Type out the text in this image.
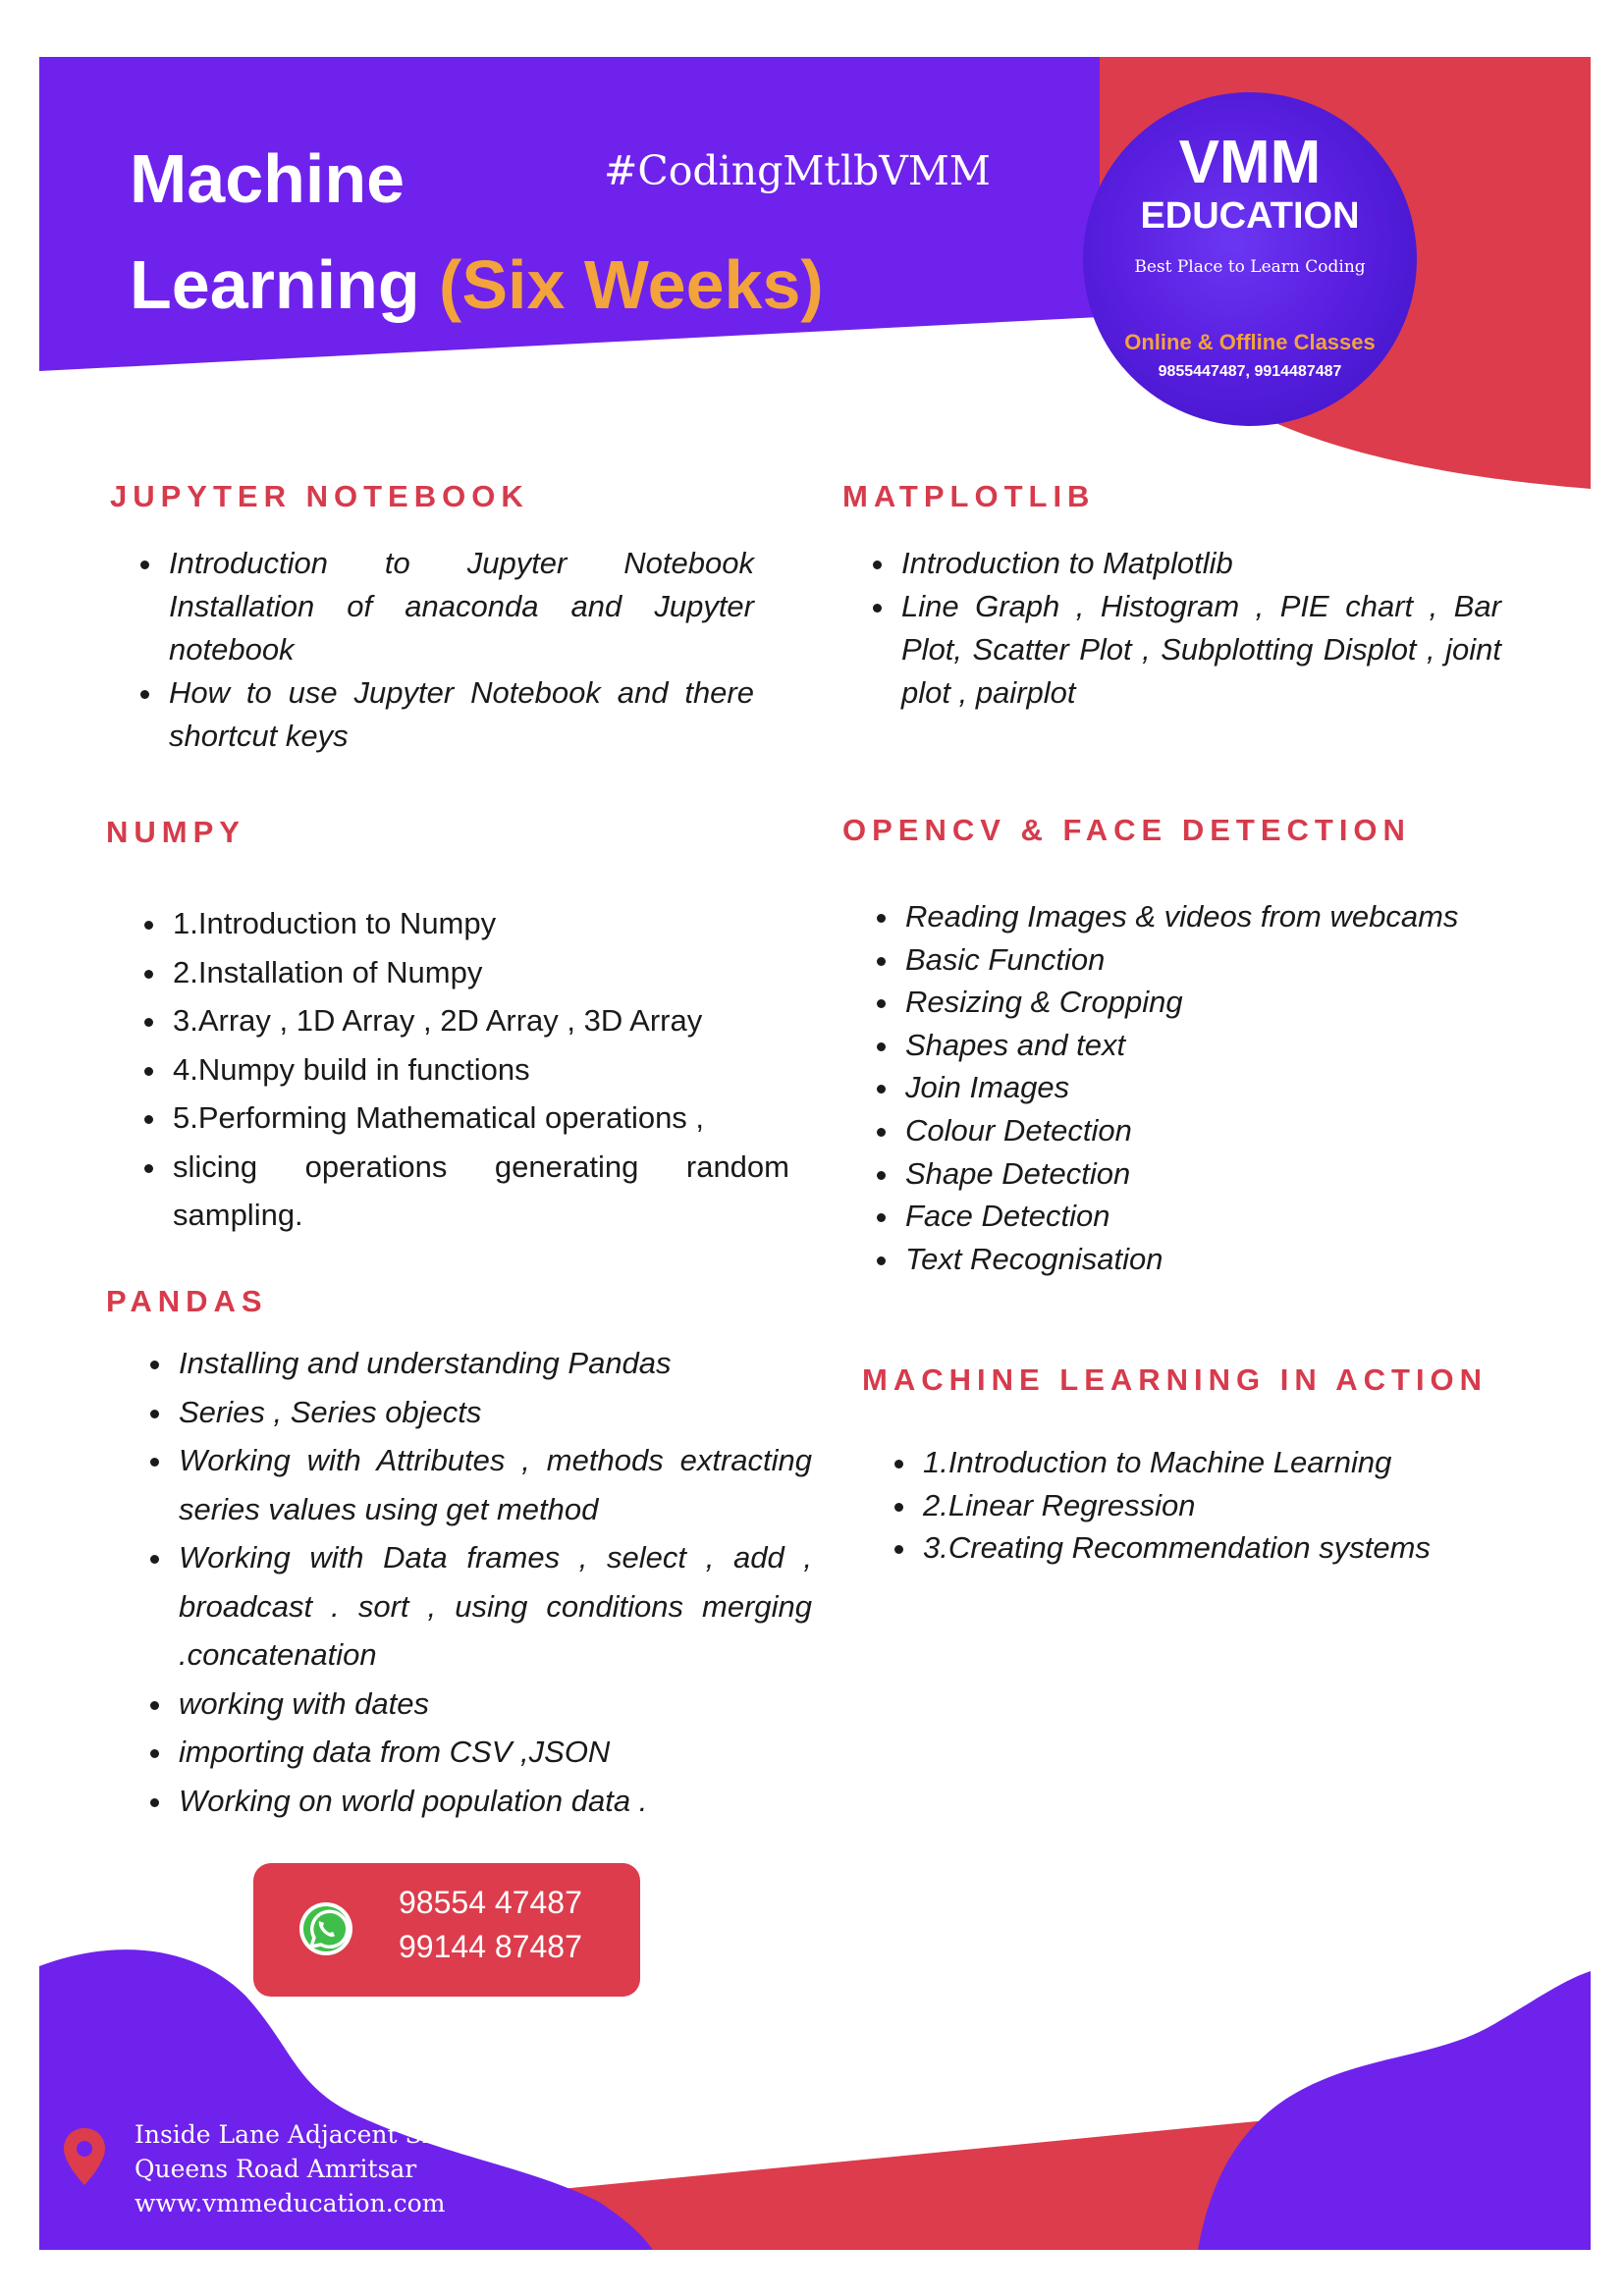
Machine
Learning (Six Weeks)
#CodingMtlbVMM	VMM
EDUCATION
Best Place to Learn Coding
Online & Offline Classes
9855447487, 9914487487
JUPYTER NOTEBOOK
• Introduction to Jupyter Notebook Installation of anaconda and Jupyter notebook
• How to use Jupyter Notebook and there shortcut keys
MATPLOTLIB
• Introduction to Matplotlib
• Line Graph , Histogram , PIE chart , Bar Plot, Scatter Plot , Subplotting Displot , joint plot , pairplot
NUMPY
• 1.Introduction to Numpy
• 2.Installation of Numpy
• 3.Array , 1D Array , 2D Array , 3D Array
• 4.Numpy build in functions
• 5.Performing Mathematical operations ,
• slicing operations generating random sampling.
OPENCV & FACE DETECTION
• Reading Images & videos from webcams
• Basic Function
• Resizing & Cropping
• Shapes and text
• Join Images
• Colour Detection
• Shape Detection
• Face Detection
• Text Recognisation
PANDAS
• Installing and understanding Pandas
• Series , Series objects
• Working with Attributes , methods extracting series values using get method
• Working with Data frames , select , add , broadcast . sort , using conditions merging .concatenation
• working with dates
• importing data from CSV ,JSON
• Working on world population data .
MACHINE LEARNING IN ACTION
• 1.Introduction to Machine Learning
• 2.Linear Regression
• 3.Creating Recommendation systems
98554 47487
99144 87487
Inside Lane Adjacent Shiraz Hotel
Queens Road Amritsar
www.vmmeducation.com
